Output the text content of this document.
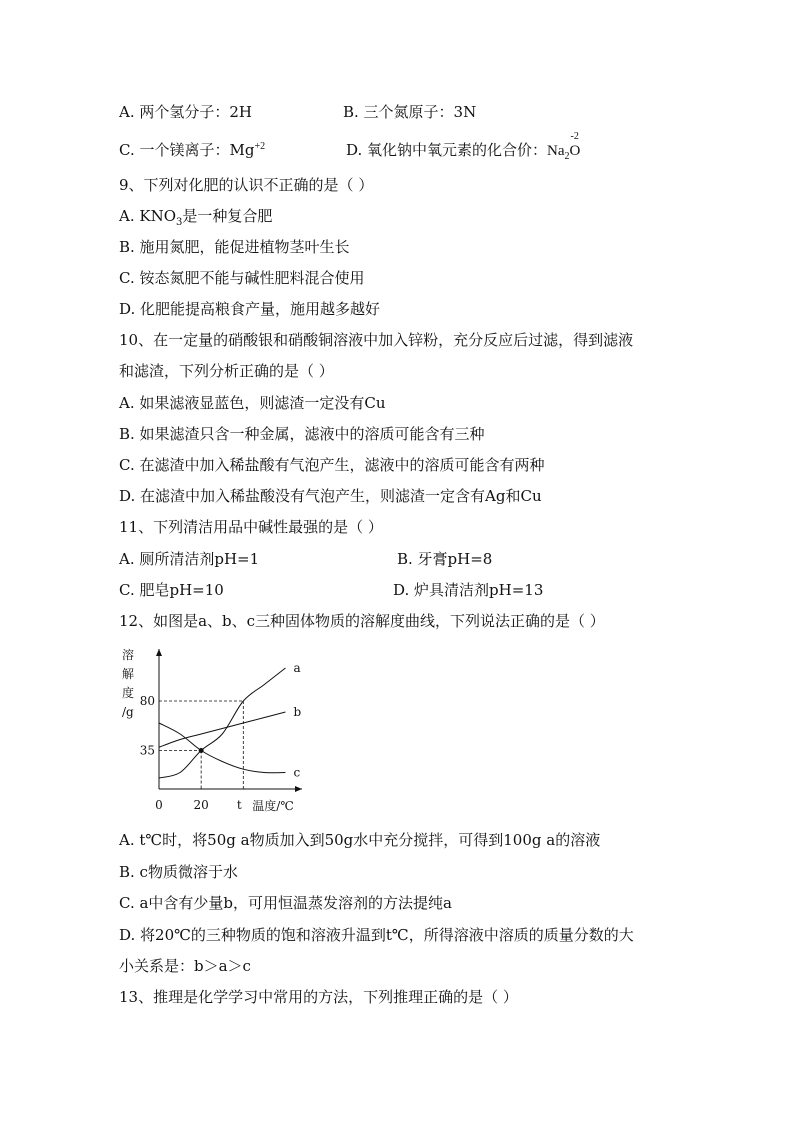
A. 两个氢分子：2H	B. 三个氮原子：3N
C. 一个镁离子：$Mg^{+2}$	D. 氧化钠中氧元素的化合价：$Na_2$
-2
O
9、下列对化肥的认识不正确的是（ ）
A. $KNO_3$是一种复合肥
B. 施用氮肥，能促进植物茎叶生长
C. 铵态氮肥不能与碱性肥料混合使用
D. 化肥能提高粮食产量，施用越多越好
10、在一定量的硝酸银和硝酸铜溶液中加入锌粉，充分反应后过滤，得到滤液
和滤渣，下列分析正确的是（ ）
A. 如果滤液显蓝色，则滤渣一定没有Cu
B. 如果滤渣只含一种金属，滤液中的溶质可能含有三种
C. 在滤渣中加入稀盐酸有气泡产生，滤液中的溶质可能含有两种
D. 在滤渣中加入稀盐酸没有气泡产生，则滤渣一定含有Ag和Cu
11、下列清洁用品中碱性最强的是（ ）
A. 厕所清洁剂pH=1	B. 牙膏pH=8
C. 肥皂pH=10	D. 炉具清洁剂pH=13
12、如图是a、b、c三种固体物质的溶解度曲线，下列说法正确的是（ ）
a
b
c
溶
解
度
/g
35
80
0	20 t 温度/℃
A. t℃时，将50g a物质加入到50g水中充分搅拌，可得到100g a的溶液
B. c物质微溶于水
C. a中含有少量b，可用恒温蒸发溶剂的方法提纯a
D. 将20℃的三种物质的饱和溶液升温到t℃，所得溶液中溶质的质量分数的大
小关系是：b＞a＞c
13、推理是化学学习中常用的方法，下列推理正确的是（ ）
